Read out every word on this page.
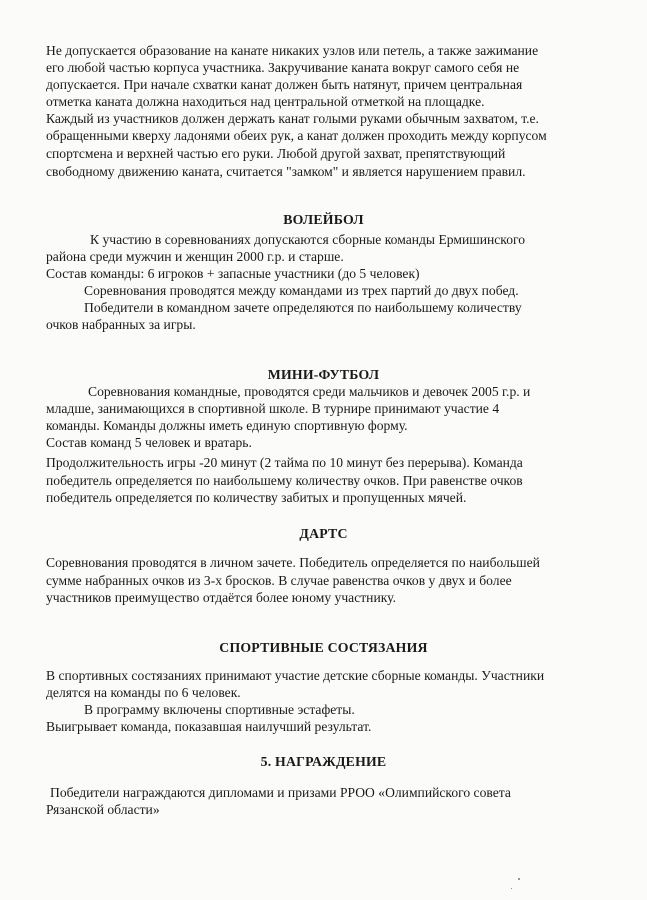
Не допускается образование на канате никаких узлов или петель, а также зажимание

его любой частью корпуса участника. Закручивание каната вокруг самого себя не

допускается. При начале схватки канат должен быть натянут, причем центральная

отметка каната должна находиться над центральной отметкой на площадке.

Каждый из участников должен держать канат голыми руками обычным захватом, т.е.

обращенными кверху ладонями обеих рук, а канат должен проходить между корпусом

спортсмена и верхней частью его руки. Любой другой захват, препятствующий

свободному движению каната, считается "замком" и является нарушением правил.

ВОЛЕЙБОЛ

К участию в соревнованиях допускаются сборные команды Ермишинского

района среди мужчин и женщин 2000 г.р. и старше.

Состав команды: 6 игроков + запасные участники (до 5 человек)

Соревнования проводятся между командами из трех партий до двух побед.

Победители в командном зачете определяются по наибольшему количеству

очков набранных за игры.

МИНИ-ФУТБОЛ

Соревнования командные, проводятся среди мальчиков и девочек 2005 г.р. и

младше, занимающихся в спортивной школе. В турнире принимают участие 4

команды. Команды должны иметь единую спортивную форму.

Состав команд 5 человек и вратарь.

Продолжительность игры -20 минут (2 тайма по 10 минут без перерыва). Команда

победитель определяется по наибольшему количеству очков. При равенстве очков

победитель определяется по количеству забитых и пропущенных мячей.

ДАРТС

Соревнования проводятся в личном зачете. Победитель определяется по наибольшей

сумме набранных очков из 3-х бросков. В случае равенства очков у двух и более

участников преимущество отдаётся более юному участнику.

СПОРТИВНЫЕ СОСТЯЗАНИЯ

В спортивных состязаниях принимают участие детские сборные команды. Участники

делятся на команды по 6 человек.

В программу включены спортивные эстафеты.

Выигрывает команда, показавшая наилучший результат.

5. НАГРАЖДЕНИЕ

Победители награждаются дипломами и призами РРОО «Олимпийского совета

Рязанской области»
